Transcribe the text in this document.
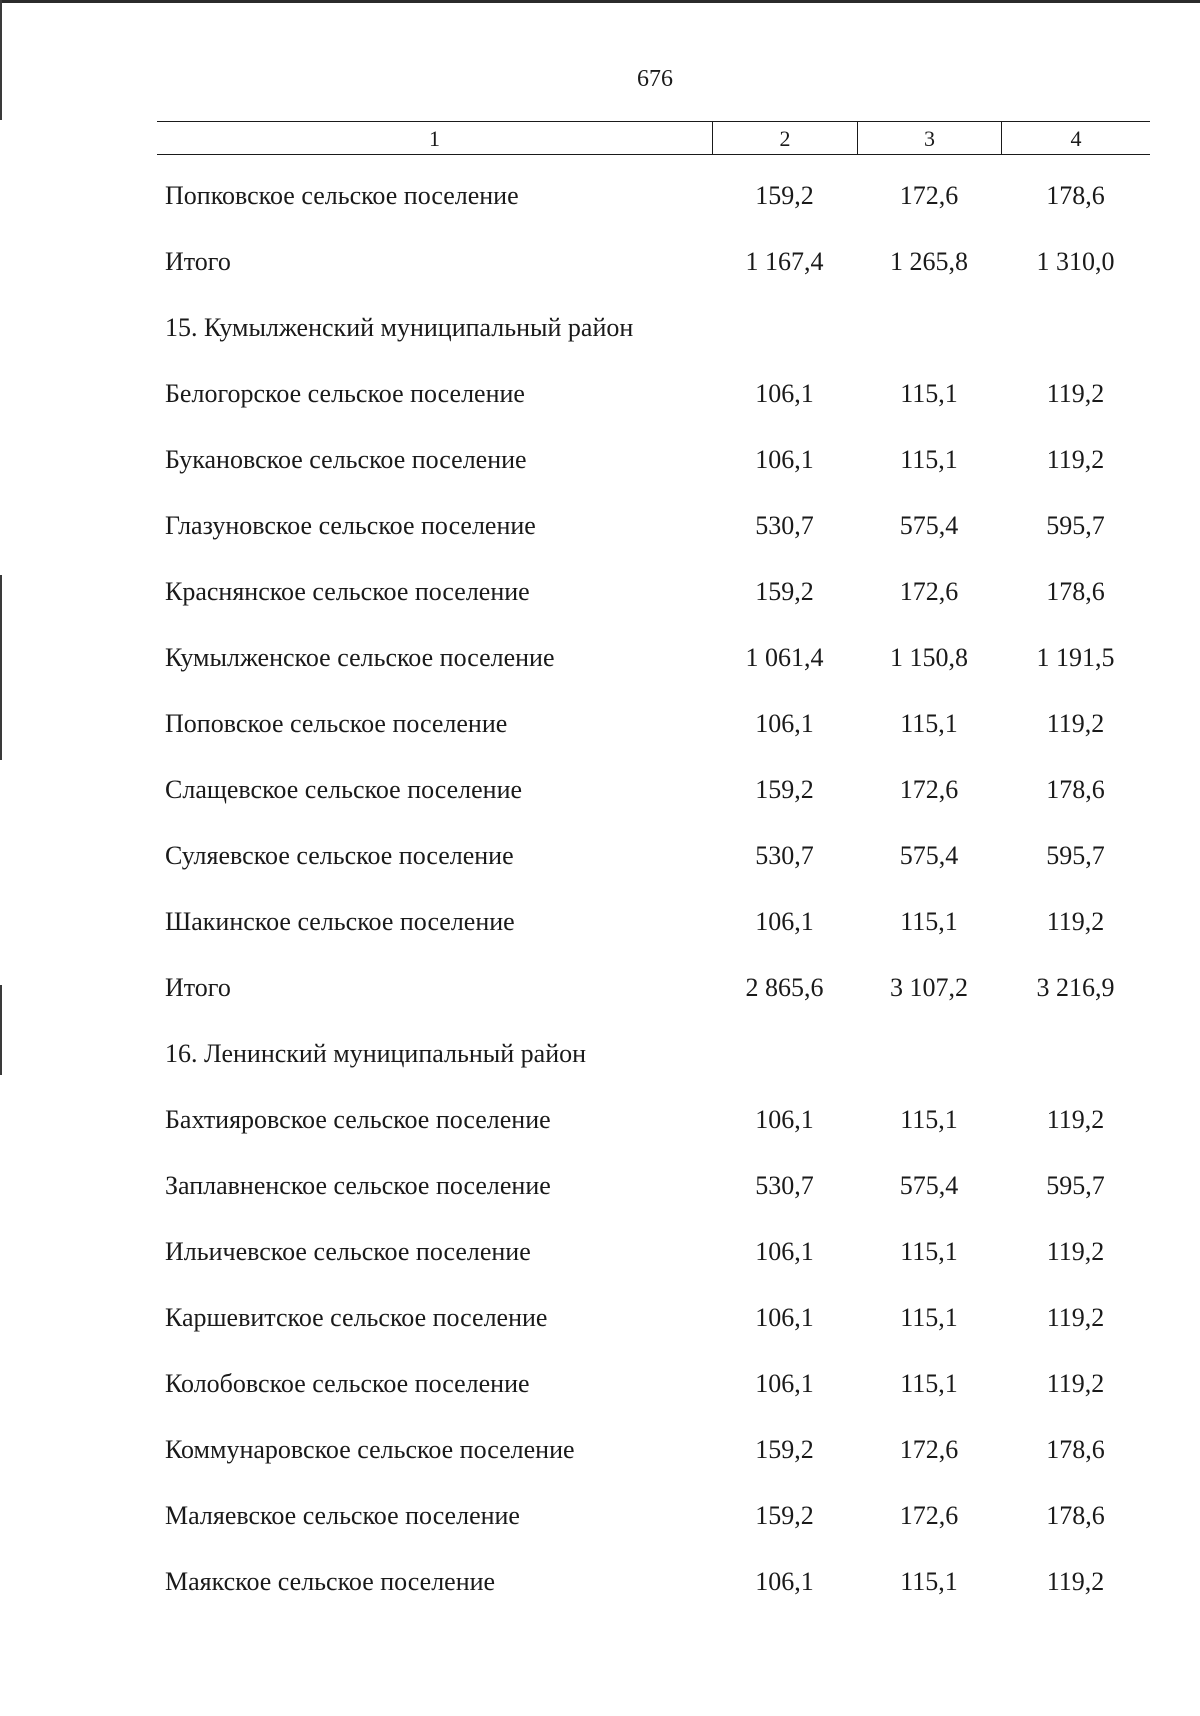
676
1	2	3	4
Попковское сельское поселение	159,2	172,6	178,6
Итого	1 167,4	1 265,8	1 310,0
15. Кумылженский муниципальный район
Белогорское сельское поселение	106,1	115,1	119,2
Букановское сельское поселение	106,1	115,1	119,2
Глазуновское сельское поселение	530,7	575,4	595,7
Краснянское сельское поселение	159,2	172,6	178,6
Кумылженское сельское поселение	1 061,4	1 150,8	1 191,5
Поповское сельское поселение	106,1	115,1	119,2
Слащевское сельское поселение	159,2	172,6	178,6
Суляевское сельское поселение	530,7	575,4	595,7
Шакинское сельское поселение	106,1	115,1	119,2
Итого	2 865,6	3 107,2	3 216,9
16. Ленинский муниципальный район
Бахтияровское сельское поселение	106,1	115,1	119,2
Заплавненское сельское поселение	530,7	575,4	595,7
Ильичевское сельское поселение	106,1	115,1	119,2
Каршевитское сельское поселение	106,1	115,1	119,2
Колобовское сельское поселение	106,1	115,1	119,2
Коммунаровское сельское поселение	159,2	172,6	178,6
Маляевское сельское поселение	159,2	172,6	178,6
Маякское сельское поселение	106,1	115,1	119,2
